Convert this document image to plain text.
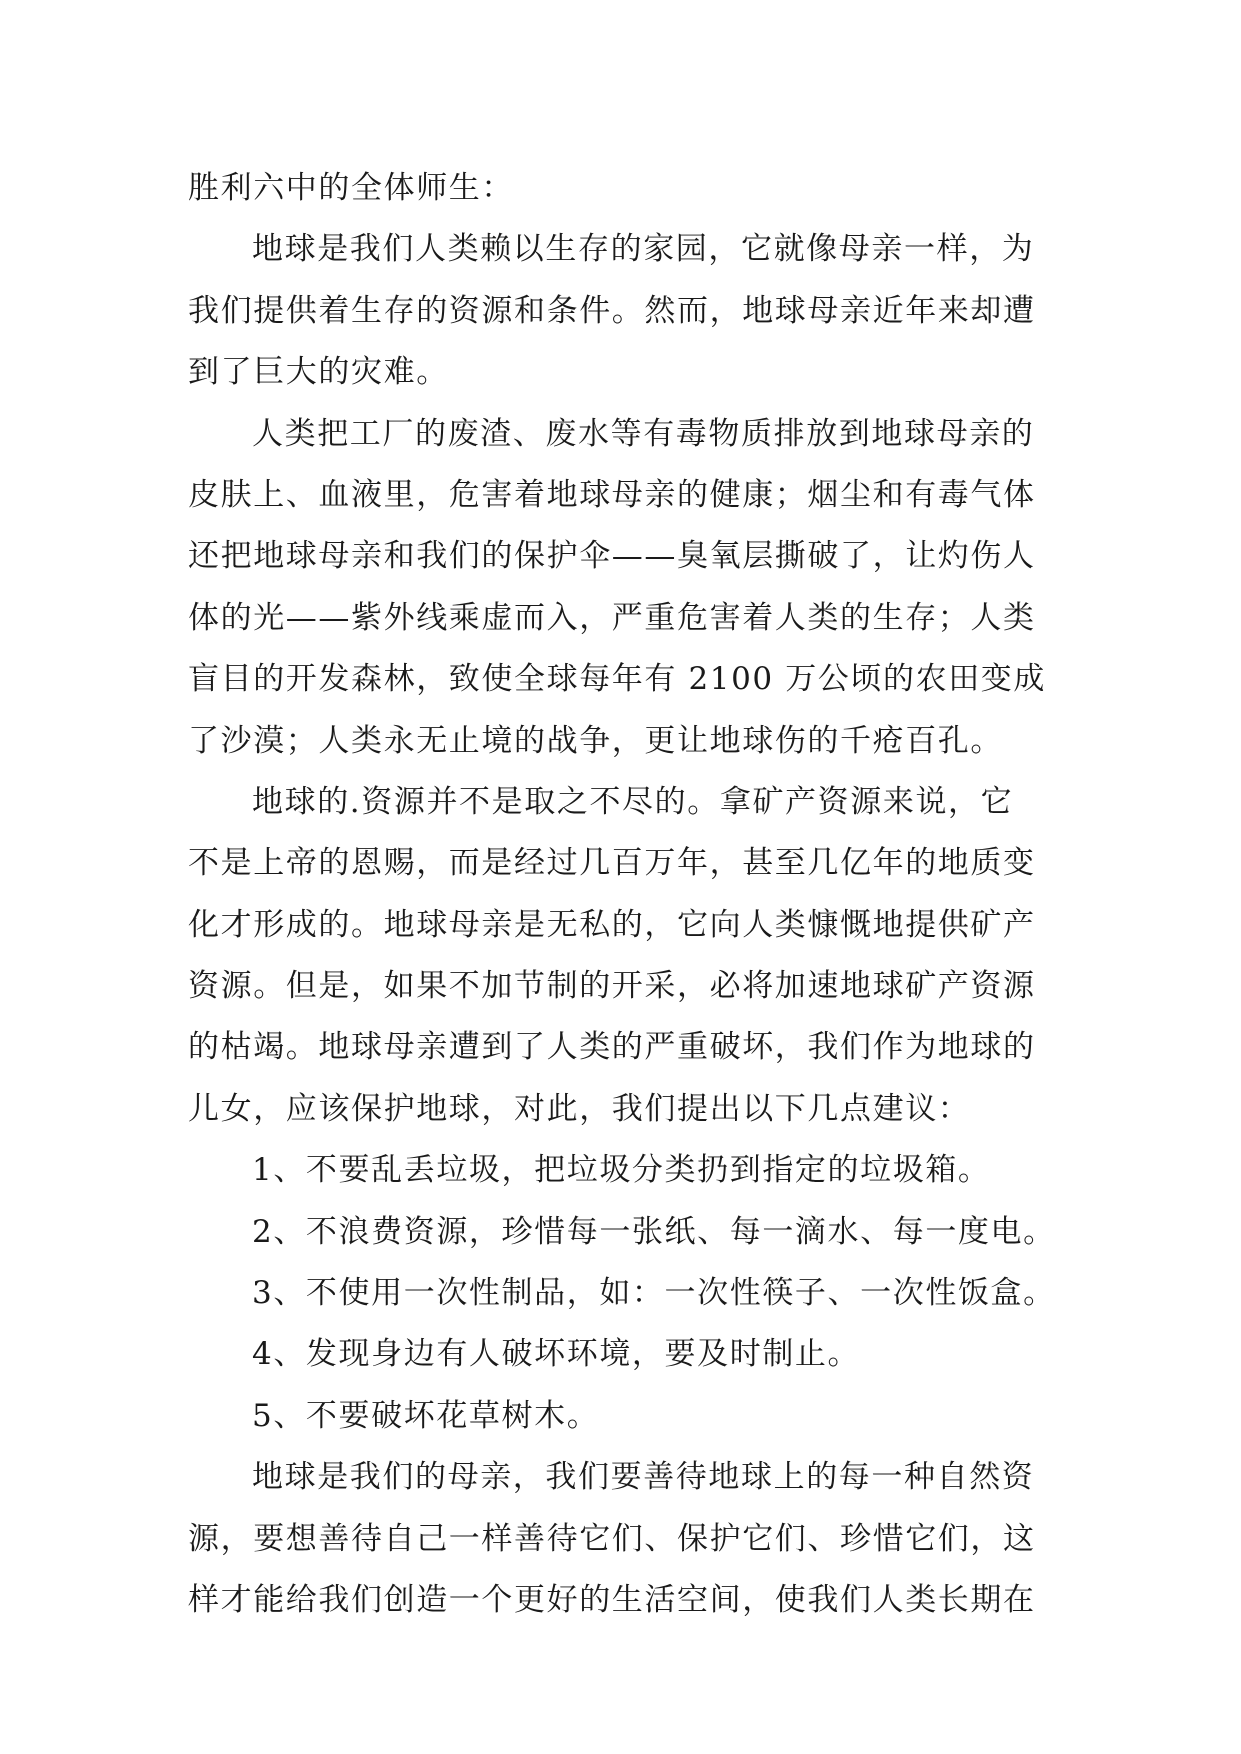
胜利六中的全体师生：
地球是我们人类赖以生存的家园，它就像母亲一样，为
我们提供着生存的资源和条件。然而，地球母亲近年来却遭
到了巨大的灾难。
人类把工厂的废渣、废水等有毒物质排放到地球母亲的
皮肤上、血液里，危害着地球母亲的健康；烟尘和有毒气体
还把地球母亲和我们的保护伞——臭氧层撕破了，让灼伤人
体的光——紫外线乘虚而入，严重危害着人类的生存；人类
盲目的开发森林，致使全球每年有 2100 万公顷的农田变成
了沙漠；人类永无止境的战争，更让地球伤的千疮百孔。
地球的.资源并不是取之不尽的。拿矿产资源来说，它
不是上帝的恩赐，而是经过几百万年，甚至几亿年的地质变
化才形成的。地球母亲是无私的，它向人类慷慨地提供矿产
资源。但是，如果不加节制的开采，必将加速地球矿产资源
的枯竭。地球母亲遭到了人类的严重破坏，我们作为地球的
儿女，应该保护地球，对此，我们提出以下几点建议：
1、不要乱丢垃圾，把垃圾分类扔到指定的垃圾箱。
2、不浪费资源，珍惜每一张纸、每一滴水、每一度电。
3、不使用一次性制品，如：一次性筷子、一次性饭盒。
4、发现身边有人破坏环境，要及时制止。
5、不要破坏花草树木。
地球是我们的母亲，我们要善待地球上的每一种自然资
源，要想善待自己一样善待它们、保护它们、珍惜它们，这
样才能给我们创造一个更好的生活空间，使我们人类长期在
